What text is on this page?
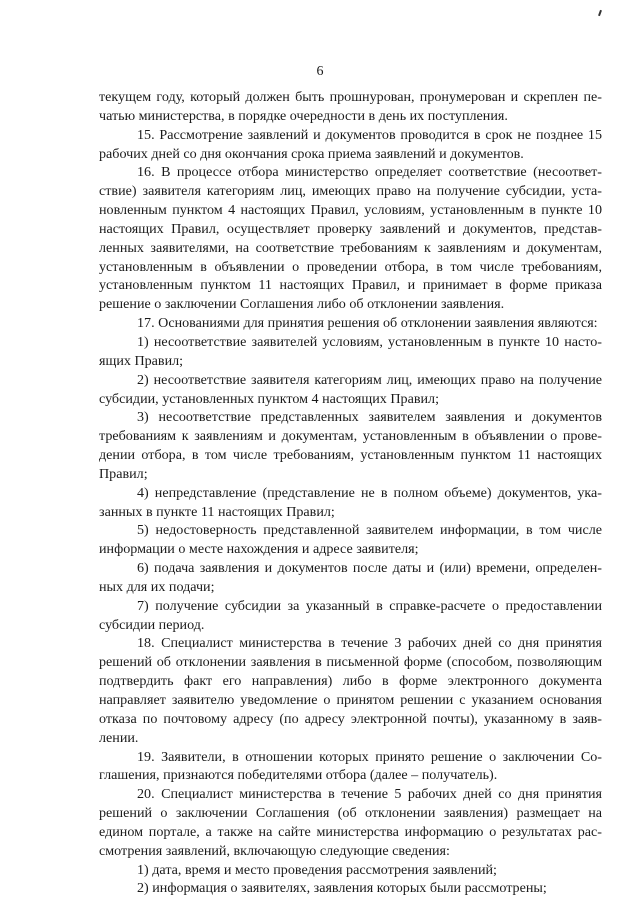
6

текущем году, который должен быть прошнурован, пронумерован и скреплен печатью министерства, в порядке очередности в день их поступления.

15. Рассмотрение заявлений и документов проводится в срок не позднее 15 рабочих дней со дня окончания срока приема заявлений и документов.

16. В процессе отбора министерство определяет соответствие (несоответствие) заявителя категориям лиц, имеющих право на получение субсидии, установленным пунктом 4 настоящих Правил, условиям, установленным в пункте 10 настоящих Правил, осуществляет проверку заявлений и документов, представленных заявителями, на соответствие требованиям к заявлениям и документам, установленным в объявлении о проведении отбора, в том числе требованиям, установленным пунктом 11 настоящих Правил, и принимает в форме приказа решение о заключении Соглашения либо об отклонении заявления.

17. Основаниями для принятия решения об отклонении заявления являются:

1) несоответствие заявителей условиям, установленным в пункте 10 настоящих Правил;

2) несоответствие заявителя категориям лиц, имеющих право на получение субсидии, установленных пунктом 4 настоящих Правил;

3) несоответствие представленных заявителем заявления и документов требованиям к заявлениям и документам, установленным в объявлении о проведении отбора, в том числе требованиям, установленным пунктом 11 настоящих Правил;

4) непредставление (представление не в полном объеме) документов, указанных в пункте 11 настоящих Правил;

5) недостоверность представленной заявителем информации, в том числе информации о месте нахождения и адресе заявителя;

6) подача заявления и документов после даты и (или) времени, определенных для их подачи;

7) получение субсидии за указанный в справке-расчете о предоставлении субсидии период.

18. Специалист министерства в течение 3 рабочих дней со дня принятия решений об отклонении заявления в письменной форме (способом, позволяющим подтвердить факт его направления) либо в форме электронного документа направляет заявителю уведомление о принятом решении с указанием основания отказа по почтовому адресу (по адресу электронной почты), указанному в заявлении.

19. Заявители, в отношении которых принято решение о заключении Соглашения, признаются победителями отбора (далее – получатель).

20. Специалист министерства в течение 5 рабочих дней со дня принятия решений о заключении Соглашения (об отклонении заявления) размещает на едином портале, а также на сайте министерства информацию о результатах рассмотрения заявлений, включающую следующие сведения:

1) дата, время и место проведения рассмотрения заявлений;

2) информация о заявителях, заявления которых были рассмотрены;
